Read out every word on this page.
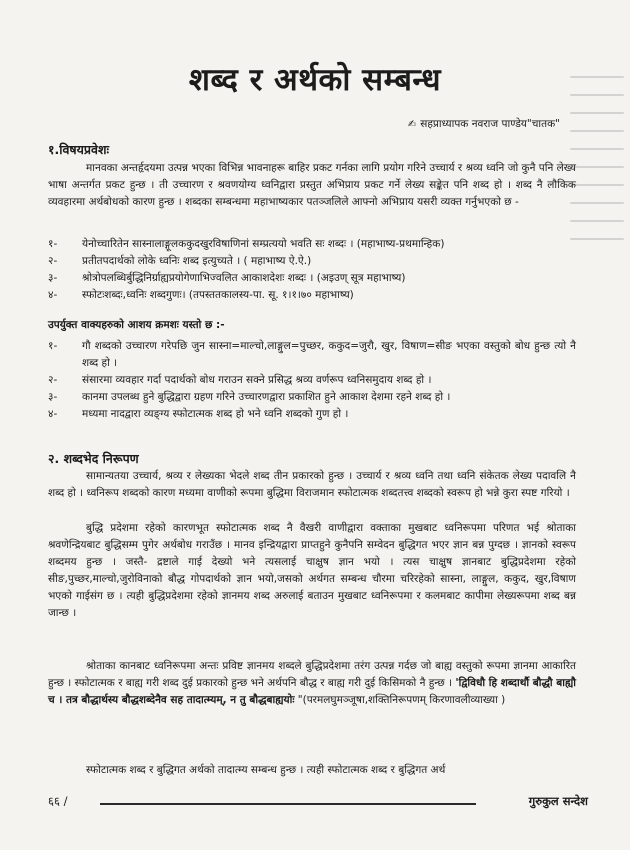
शब्द र अर्थको सम्बन्ध
✍ सहप्राध्यापक नवराज पाण्डेय"चातक"
१.विषयप्रवेशः

मानवका अन्तर्हृदयमा उत्पन्न भएका विभिन्न भावनाहरू बाहिर प्रकट गर्नका लागि प्रयोग गरिने उच्चार्य र श्रव्य ध्वनि जो कुनै पनि लेख्य भाषा अन्तर्गत प्रकट हुन्छ । ती उच्चारण र श्रवणयोग्य ध्वनिद्वारा प्रस्तुत अभिप्राय प्रकट गर्ने लेख्य सङ्केत पनि शब्द हो । शब्द नै लौकिक व्यवहारमा अर्थबोधको कारण हुन्छ । शब्दका सम्बन्धमा महाभाष्यकार पतञ्जलिले आफ्नो अभिप्राय यसरी व्यक्त गर्नुभएको छ -

१-	येनोच्चारितेन सास्नालाङ्गूलककुदखुरविषाणिनां सम्प्रत्ययो भवति सः शब्दः । (महाभाष्य-प्रथमान्हिक)
२-	प्रतीतपदार्थको लोके ध्वनिः शब्द इत्युच्यते । ( महाभाष्य ऐ.ऐ.)
३-	श्रोत्रोपलब्धिर्बुद्धिनिर्ग्राह्यप्रयोगेणाभिज्वलित आकाशदेशः शब्दः । (अइउण् सूत्र महाभाष्य)
४-	स्फोटःशब्दः,ध्वनिः शब्दगुणः। (तपस्ततकालस्य-पा. सू. १।१।७० महाभाष्य)
उपर्युक्त वाक्यहरुको आशय क्रमशः यस्तो छ :-
१-	गौ शब्दको उच्चारण गरेपछि जुन सास्ना=माल्चो,लाङ्गुल=पुच्छर, ककुद=जुरौ, खुर, विषाण=सीङ भएका वस्तुको बोध हुन्छ त्यो नै शब्द हो ।
२-	संसारमा व्यवहार गर्दा पदार्थको बोध गराउन सक्ने प्रसिद्ध श्रव्य वर्णरूप ध्वनिसमुदाय शब्द हो ।
३-	कानमा उपलब्ध हुने बुद्धिद्वारा ग्रहण गरिने उच्चारणद्वारा प्रकाशित हुने आकाश देशमा रहने शब्द हो ।
४-	मध्यमा नादद्वारा व्यङ्ग्य स्फोटात्मक शब्द हो भने ध्वनि शब्दको गुण हो ।
२. शब्दभेद निरूपण

सामान्यतया उच्चार्य, श्रव्य र लेख्यका भेदले शब्द तीन प्रकारको हुन्छ । उच्चार्य र श्रव्य ध्वनि तथा ध्वनि संकेतक लेख्य पदावलि नै शब्द हो । ध्वनिरूप शब्दको कारण मध्यमा वाणीको रूपमा बुद्धिमा विराजमान स्फोटात्मक शब्दतत्त्व शब्दको स्वरूप हो भन्ने कुरा स्पष्ट गरियो ।

बुद्धि प्रदेशमा रहेको कारणभूत स्फोटात्मक शब्द नै वैखरी वाणीद्वारा वक्ताका मुखबाट ध्वनिरूपमा परिणत भई श्रोताका श्रवणेन्द्रियबाट बुद्धिसम्म पुगेर अर्थबोध गराउँछ । मानव इन्द्रियद्वारा प्राप्तहुने कुनैपनि सम्वेदन बुद्धिगत भएर ज्ञान बन्न पुग्दछ । ज्ञानको स्वरूप शब्दमय हुन्छ । जस्तै- द्रष्टाले गाई देख्यो भने त्यसलाई चाक्षुष ज्ञान भयो । त्यस चाक्षुष ज्ञानबाट बुद्धिप्रदेशमा रहेको सीङ,पुच्छर,माल्चो,जुरोविनाको बौद्ध गोपदार्थको ज्ञान भयो,जसको अर्थगत सम्बन्ध चौरमा चरिरहेको सास्ना, लाङ्गुल, ककुद, खुर,विषाण भएको गाईसंग छ । त्यही बुद्धिप्रदेशमा रहेको ज्ञानमय शब्द अरुलाई बताउन मुखबाट ध्वनिरूपमा र कलमबाट कापीमा लेख्यरूपमा शब्द बन्न जान्छ ।

श्रोताका कानबाट ध्वनिरूपमा अन्तः प्रविष्ट ज्ञानमय शब्दले बुद्धिप्रदेशमा तरंग उत्पन्न गर्दछ जो बाह्य वस्तुको रूपमा ज्ञानमा आकारित हुन्छ । स्फोटात्मक र बाह्य गरी शब्द दुई प्रकारको हुन्छ भने अर्थपनि बौद्ध र बाह्य गरी दुई किसिमको नै हुन्छ । 'द्विविधौ हि शब्दार्थौ बौद्धौ बाह्यौ च । तत्र बौद्धार्थस्य बौद्धशब्देनैव सह तादात्म्यम्, न तु बौद्धबाह्ययोः "(परमलघुमञ्जूषा,शक्तिनिरूपणम् किरणावलीव्याख्या )

स्फोटात्मक शब्द र बुद्धिगत अर्थको तादात्म्य सम्बन्ध हुन्छ । त्यही स्फोटात्मक शब्द र बुद्धिगत अर्थ

६६ /	गुरुकुल सन्देश
